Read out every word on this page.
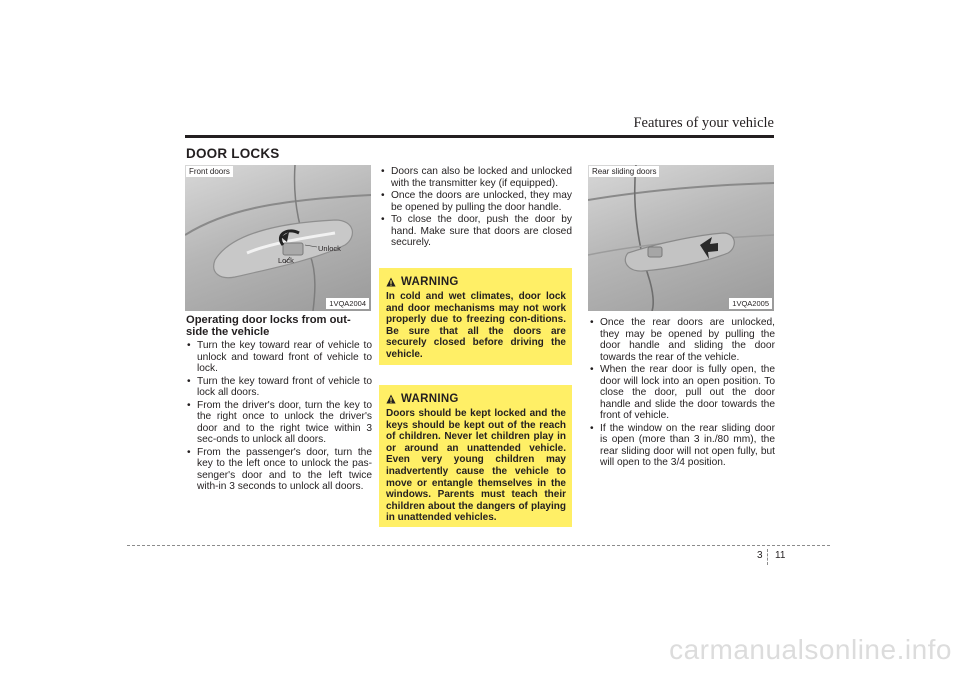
Features of your vehicle
DOOR LOCKS
Front doors
Lock
Unlock
1VQA2004
Operating door locks from out-side the vehicle
• Turn the key toward rear of vehicle to unlock and toward front of vehicle to lock.
• Turn the key toward front of vehicle to lock all doors.
• From the driver's door, turn the key to the right once to unlock the driver's door and to the right twice within 3 sec-onds to unlock all doors.
• From the passenger's door, turn the key to the left once to unlock the pas-senger's door and to the left twice with-in 3 seconds to unlock all doors.
• Doors can also be locked and unlocked with the transmitter key (if equipped).
• Once the doors are unlocked, they may be opened by pulling the door handle.
• To close the door, push the door by hand. Make sure that doors are closed securely.
WARNING
In cold and wet climates, door lock and door mechanisms may not work properly due to freezing con-ditions. Be sure that all the doors are securely closed before driving the vehicle.
WARNING
Doors should be kept locked and the keys should be kept out of the reach of children. Never let children play in or around an unattended vehicle. Even very young children may inadvertently cause the vehicle to move or entangle themselves in the windows. Parents must teach their children about the dangers of playing in unattended vehicles.
Rear sliding doors
1VQA2005
• Once the rear doors are unlocked, they may be opened by pulling the door handle and sliding the door towards the rear of the vehicle.
• When the rear door is fully open, the door will lock into an open position. To close the door, pull out the door handle and slide the door towards the front of vehicle.
• If the window on the rear sliding door is open (more than 3 in./80 mm), the rear sliding door will not open fully, but will open to the 3/4 position.
3 11
carmanualsonline.info
